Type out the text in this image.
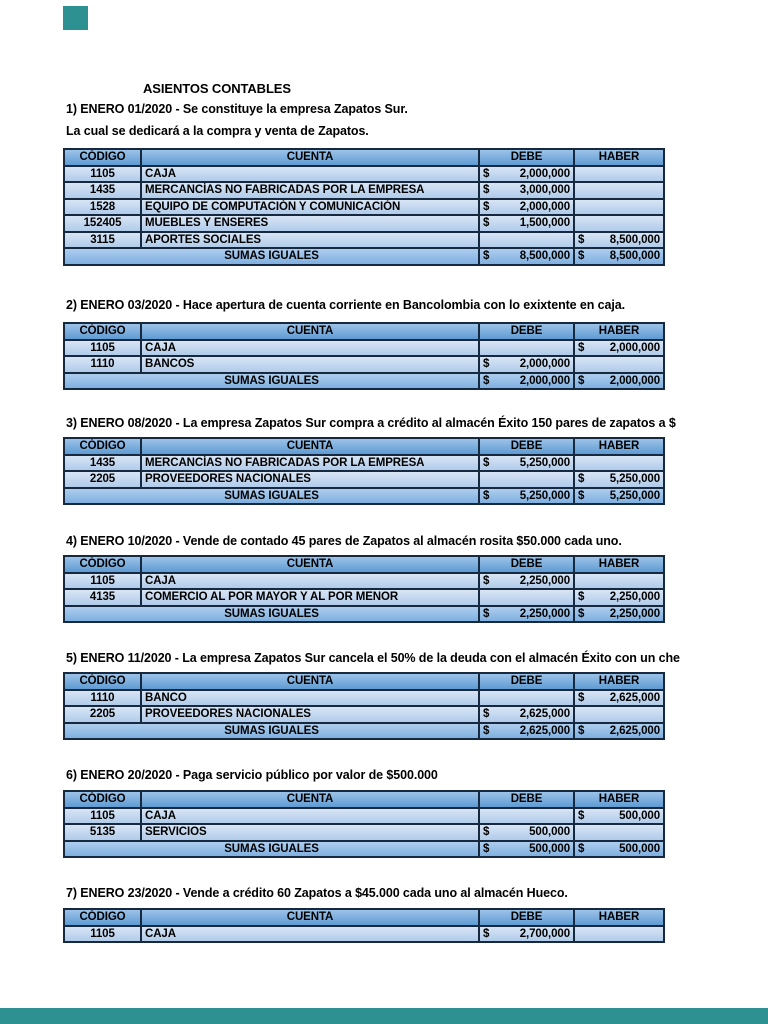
ASIENTOS CONTABLES

1) ENERO 01/2020 - Se constituye la empresa Zapatos Sur.

La cual se dedicará a la compra y venta de Zapatos.

CÓDIGO	CUENTA	DEBE	HABER
1105	CAJA	$ 2,000,000	

1435	MERCANCÍAS NO FABRICADAS POR LA EMPRESA	$ 3,000,000	

1528	EQUIPO DE COMPUTACIÓN Y COMUNICACIÓN	$ 2,000,000	

152405	MUEBLES Y ENSERES	$ 1,500,000	

3115	APORTES SOCIALES		$ 8,500,000

SUMAS IGUALES		$ 8,500,000	$ 8,500,000

2) ENERO 03/2020 - Hace apertura de cuenta corriente en Bancolombia con lo exixtente en caja.

CÓDIGO	CUENTA	DEBE	HABER
1105	CAJA		$ 2,000,000

1110	BANCOS	$ 2,000,000	

SUMAS IGUALES		$ 2,000,000	$ 2,000,000

3) ENERO 08/2020 - La empresa Zapatos Sur compra a crédito al almacén Éxito 150 pares de zapatos a $

CÓDIGO	CUENTA	DEBE	HABER
1435	MERCANCÍAS NO FABRICADAS POR LA EMPRESA	$ 5,250,000	

2205	PROVEEDORES NACIONALES		$ 5,250,000

SUMAS IGUALES		$ 5,250,000	$ 5,250,000

4) ENERO 10/2020 - Vende de contado 45 pares de Zapatos al almacén rosita $50.000 cada uno.

CÓDIGO	CUENTA	DEBE	HABER
1105	CAJA	$ 2,250,000	

4135	COMERCIO AL POR MAYOR Y AL POR MENOR		$ 2,250,000

SUMAS IGUALES		$ 2,250,000	$ 2,250,000

5) ENERO 11/2020 - La empresa Zapatos Sur cancela el 50% de la deuda con el almacén Éxito con un che

CÓDIGO	CUENTA	DEBE	HABER
1110	BANCO		$ 2,625,000

2205	PROVEEDORES NACIONALES	$ 2,625,000	

SUMAS IGUALES		$ 2,625,000	$ 2,625,000

6) ENERO 20/2020 - Paga servicio público por valor de $500.000

CÓDIGO	CUENTA	DEBE	HABER
1105	CAJA		$ 500,000

5135	SERVICIOS	$ 500,000	

SUMAS IGUALES		$ 500,000	$ 500,000

7) ENERO 23/2020 - Vende a crédito 60 Zapatos a $45.000 cada uno al almacén Hueco.

CÓDIGO	CUENTA	DEBE	HABER
1105	CAJA	$ 2,700,000	
